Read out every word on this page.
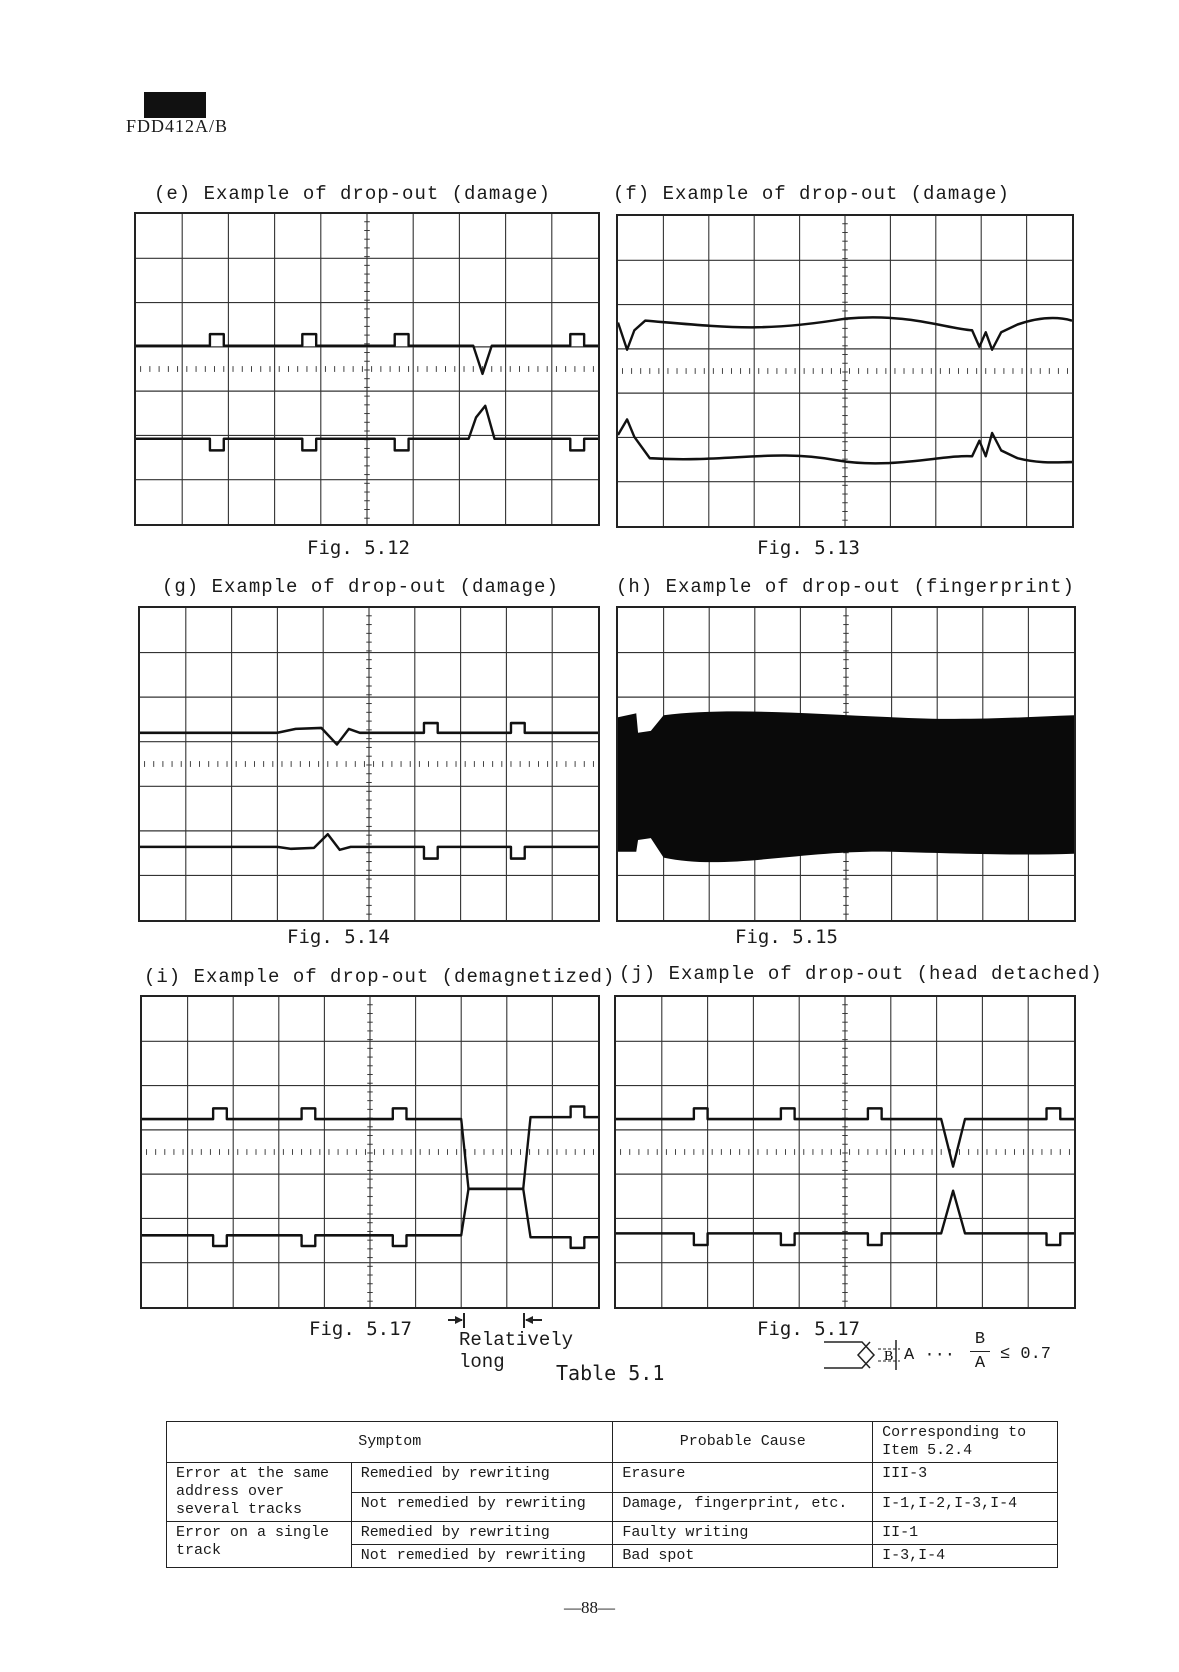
FDD412A/B
(e) Example of drop-out (damage)	(f) Example of drop-out (damage)
Fig. 5.12	Fig. 5.13
(g) Example of drop-out (damage)	(h) Example of drop-out (fingerprint)
Fig. 5.14	Fig. 5.15
(i) Example of drop-out (demagnetized) (j) Example of drop-out (head detached)
Fig. 5.17	Fig. 5.17
Relatively
long	Table 5.1
B A ···
B
A ≤ 0.7
Symptom		Probable Cause	Corresponding to Item 5.2.4
Error at the same address over several tracks	Remedied by rewriting	Erasure	III-3
	Not remedied by rewriting	Damage, fingerprint, etc.	I-1,I-2,I-3,I-4
Error on a single track	Remedied by rewriting	Faulty writing	II-1
	Not remedied by rewriting	Bad spot	I-3,I-4
—88—
